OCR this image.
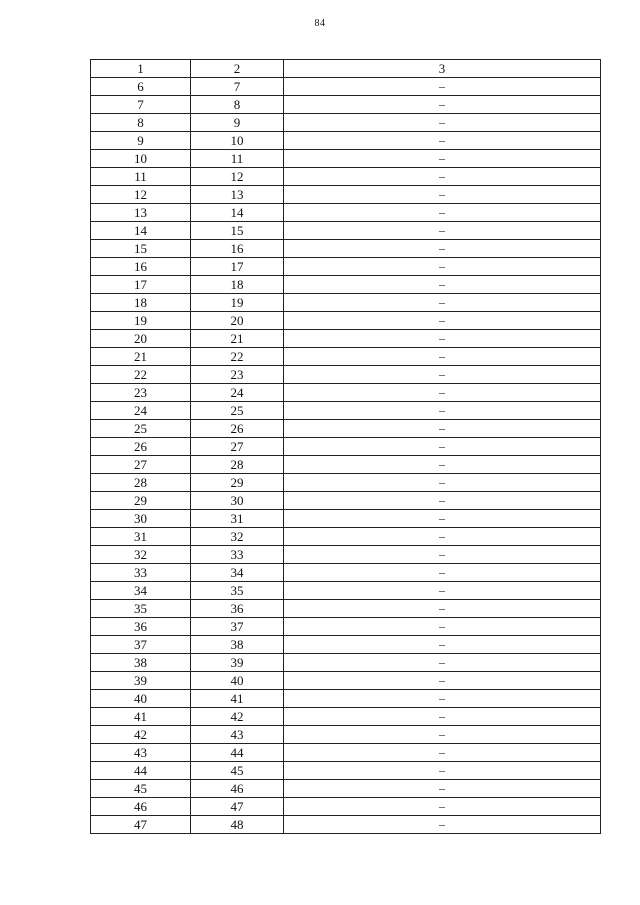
84
1	2	3
6	7	–
7	8	–
8	9	–
9	10	–
10	11	–
11	12	–
12	13	–
13	14	–
14	15	–
15	16	–
16	17	–
17	18	–
18	19	–
19	20	–
20	21	–
21	22	–
22	23	–
23	24	–
24	25	–
25	26	–
26	27	–
27	28	–
28	29	–
29	30	–
30	31	–
31	32	–
32	33	–
33	34	–
34	35	–
35	36	–
36	37	–
37	38	–
38	39	–
39	40	–
40	41	–
41	42	–
42	43	–
43	44	–
44	45	–
45	46	–
46	47	–
47	48	–
